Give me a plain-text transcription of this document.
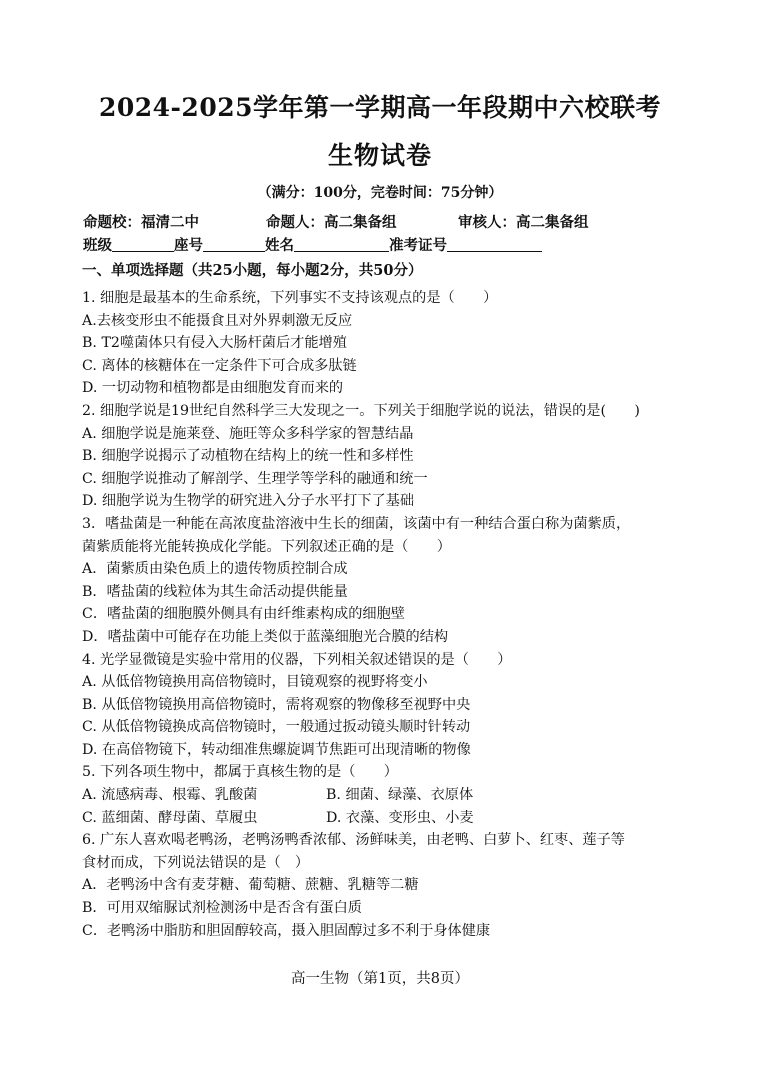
2024-2025学年第一学期高一年段期中六校联考
生物试卷
（满分：100分，完卷时间：75分钟）
命题校：福清二中	命题人：高二集备组	审核人：高二集备组
班级	座号	姓名	准考证号
一、单项选择题（共25小题，每小题2分，共50分）
1. 细胞是最基本的生命系统，下列事实不支持该观点的是（　　）
A.去核变形虫不能摄食且对外界刺激无反应
B. T2噬菌体只有侵入大肠杆菌后才能增殖
C. 离体的核糖体在一定条件下可合成多肽链
D. 一切动物和植物都是由细胞发育而来的
2. 细胞学说是19世纪自然科学三大发现之一。下列关于细胞学说的说法，错误的是(　　)
A. 细胞学说是施莱登、施旺等众多科学家的智慧结晶
B. 细胞学说揭示了动植物在结构上的统一性和多样性
C. 细胞学说推动了解剖学、生理学等学科的融通和统一
D. 细胞学说为生物学的研究进入分子水平打下了基础
3．嗜盐菌是一种能在高浓度盐溶液中生长的细菌，该菌中有一种结合蛋白称为菌紫质，
菌紫质能将光能转换成化学能。下列叙述正确的是（　　）
A．菌紫质由染色质上的遗传物质控制合成
B．嗜盐菌的线粒体为其生命活动提供能量
C．嗜盐菌的细胞膜外侧具有由纤维素构成的细胞壁
D．嗜盐菌中可能存在功能上类似于蓝藻细胞光合膜的结构
4. 光学显微镜是实验中常用的仪器，下列相关叙述错误的是（　　）
A. 从低倍物镜换用高倍物镜时，目镜观察的视野将变小
B. 从低倍物镜换用高倍物镜时，需将观察的物像移至视野中央
C. 从低倍物镜换成高倍物镜时，一般通过扳动镜头顺时针转动
D. 在高倍物镜下，转动细准焦螺旋调节焦距可出现清晰的物像
5. 下列各项生物中，都属于真核生物的是（　　）
A. 流感病毒、根霉、乳酸菌	B. 细菌、绿藻、衣原体
C. 蓝细菌、酵母菌、草履虫	D. 衣藻、变形虫、小麦
6. 广东人喜欢喝老鸭汤，老鸭汤鸭香浓郁、汤鲜味美，由老鸭、白萝卜、红枣、莲子等
食材而成，下列说法错误的是（　）
A．老鸭汤中含有麦芽糖、葡萄糖、蔗糖、乳糖等二糖
B．可用双缩脲试剂检测汤中是否含有蛋白质
C．老鸭汤中脂肪和胆固醇较高，摄入胆固醇过多不利于身体健康
高一生物（第1页，共8页）
